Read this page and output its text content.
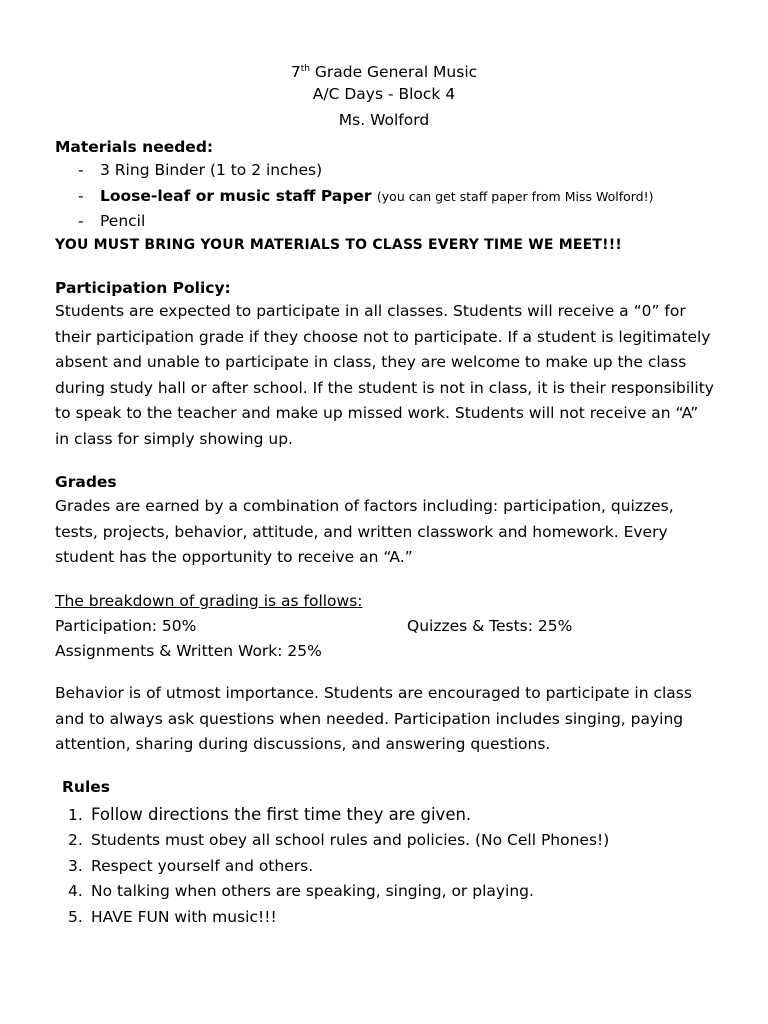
7th Grade General Music
A/C Days - Block 4
Ms. Wolford
Materials needed:
- 3 Ring Binder (1 to 2 inches)
- Loose-leaf or music staff Paper (you can get staff paper from Miss Wolford!)
- Pencil
YOU MUST BRING YOUR MATERIALS TO CLASS EVERY TIME WE MEET!!!
Participation Policy:
Students are expected to participate in all classes. Students will receive a “0” for their participation grade if they choose not to participate. If a student is legitimately absent and unable to participate in class, they are welcome to make up the class during study hall or after school. If the student is not in class, it is their responsibility to speak to the teacher and make up missed work. Students will not receive an “A” in class for simply showing up.
Grades
Grades are earned by a combination of factors including: participation, quizzes, tests, projects, behavior, attitude, and written classwork and homework. Every student has the opportunity to receive an “A.”
The breakdown of grading is as follows:
Participation: 50%	Quizzes & Tests: 25%
Assignments & Written Work: 25%
Behavior is of utmost importance. Students are encouraged to participate in class and to always ask questions when needed. Participation includes singing, paying attention, sharing during discussions, and answering questions.
Rules
1. Follow directions the first time they are given.
2. Students must obey all school rules and policies. (No Cell Phones!)
3. Respect yourself and others.
4. No talking when others are speaking, singing, or playing.
5. HAVE FUN with music!!!
